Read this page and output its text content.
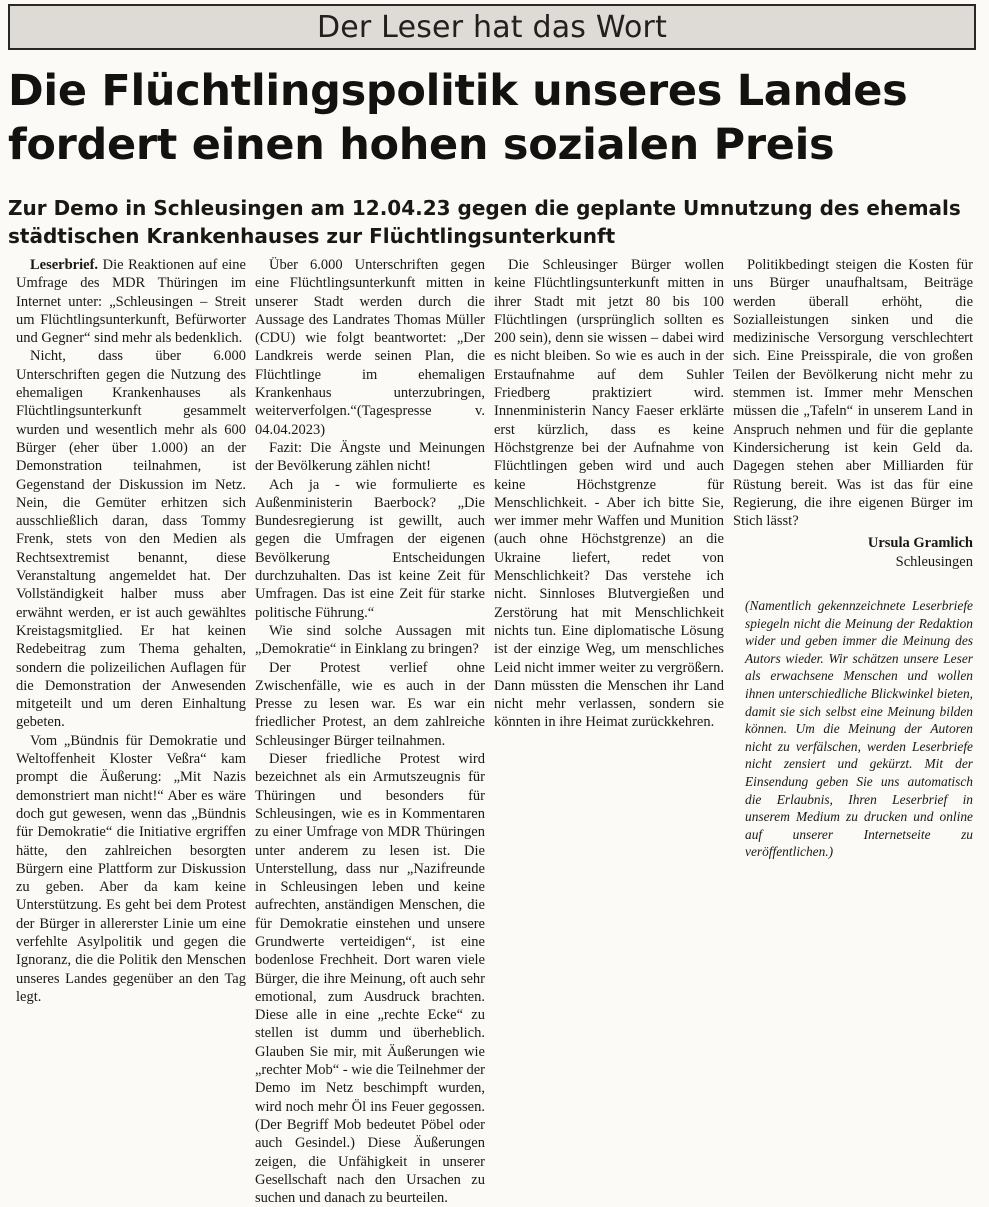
Der Leser hat das Wort
Die Flüchtlingspolitik unseres Landes fordert einen hohen sozialen Preis
Zur Demo in Schleusingen am 12.04.23 gegen die geplante Umnutzung des ehemals städtischen Krankenhauses zur Flüchtlingsunterkunft

Leserbrief. Die Reaktionen auf eine Umfrage des MDR Thüringen im Internet unter: „Schleusingen – Streit um Flüchtlingsunterkunft, Befürworter und Gegner“ sind mehr als bedenklich.

Nicht, dass über 6.000 Unterschriften gegen die Nutzung des ehemaligen Krankenhauses als Flüchtlingsunterkunft gesammelt wurden und wesentlich mehr als 600 Bürger (eher über 1.000) an der Demonstration teilnahmen, ist Gegenstand der Diskussion im Netz. Nein, die Gemüter erhitzen sich ausschließlich daran, dass Tommy Frenk, stets von den Medien als Rechtsextremist benannt, diese Veranstaltung angemeldet hat. Der Vollständigkeit halber muss aber erwähnt werden, er ist auch gewähltes Kreistagsmitglied. Er hat keinen Redebeitrag zum Thema gehalten, sondern die polizeilichen Auflagen für die Demonstration der Anwesenden mitgeteilt und um deren Einhaltung gebeten.

Vom „Bündnis für Demokratie und Weltoffenheit Kloster Veßra“ kam prompt die Äußerung: „Mit Nazis demonstriert man nicht!“ Aber es wäre doch gut gewesen, wenn das „Bündnis für Demokratie“ die Initiative ergriffen hätte, den zahlreichen besorgten Bürgern eine Plattform zur Diskussion zu geben. Aber da kam keine Unterstützung. Es geht bei dem Protest der Bürger in allererster Linie um eine verfehlte Asylpolitik und gegen die Ignoranz, die die Politik den Menschen unseres Landes gegenüber an den Tag legt.

Über 6.000 Unterschriften gegen eine Flüchtlingsunterkunft mitten in unserer Stadt werden durch die Aussage des Landrates Thomas Müller (CDU) wie folgt beantwortet: „Der Landkreis werde seinen Plan, die Flüchtlinge im ehemaligen Krankenhaus unterzubringen, weiterverfolgen.“(Tagespresse v. 04.04.2023)

Fazit: Die Ängste und Meinungen der Bevölkerung zählen nicht!

Ach ja - wie formulierte es Außenministerin Baerbock? „Die Bundesregierung ist gewillt, auch gegen die Umfragen der eigenen Bevölkerung Entscheidungen durchzuhalten. Das ist keine Zeit für Umfragen. Das ist eine Zeit für starke politische Führung.“

Wie sind solche Aussagen mit „Demokratie“ in Einklang zu bringen?

Der Protest verlief ohne Zwischenfälle, wie es auch in der Presse zu lesen war. Es war ein friedlicher Protest, an dem zahlreiche Schleusinger Bürger teilnahmen.

Dieser friedliche Protest wird bezeichnet als ein Armutszeugnis für Thüringen und besonders für Schleusingen, wie es in Kommentaren zu einer Umfrage von MDR Thüringen unter anderem zu lesen ist. Die Unterstellung, dass nur „Nazifreunde in Schleusingen leben und keine aufrechten, anständigen Menschen, die für Demokratie einstehen und unsere Grundwerte verteidigen“, ist eine bodenlose Frechheit. Dort waren viele Bürger, die ihre Meinung, oft auch sehr emotional, zum Ausdruck brachten. Diese alle in eine „rechte Ecke“ zu stellen ist dumm und überheblich. Glauben Sie mir, mit Äußerungen wie „rechter Mob“ - wie die Teilnehmer der Demo im Netz beschimpft wurden, wird noch mehr Öl ins Feuer gegossen. (Der Begriff Mob bedeutet Pöbel oder auch Gesindel.) Diese Äußerungen zeigen, die Unfähigkeit in unserer Gesellschaft nach den Ursachen zu suchen und danach zu beurteilen.

Die Schleusinger Bürger wollen keine Flüchtlingsunterkunft mitten in ihrer Stadt mit jetzt 80 bis 100 Flüchtlingen (ursprünglich sollten es 200 sein), denn sie wissen – dabei wird es nicht bleiben. So wie es auch in der Erstaufnahme auf dem Suhler Friedberg praktiziert wird. Innenministerin Nancy Faeser erklärte erst kürzlich, dass es keine Höchstgrenze bei der Aufnahme von Flüchtlingen geben wird und auch keine Höchstgrenze für Menschlichkeit. - Aber ich bitte Sie, wer immer mehr Waffen und Munition (auch ohne Höchstgrenze) an die Ukraine liefert, redet von Menschlichkeit? Das verstehe ich nicht. Sinnloses Blutvergießen und Zerstörung hat mit Menschlichkeit nichts tun. Eine diplomatische Lösung ist der einzige Weg, um menschliches Leid nicht immer weiter zu vergrößern. Dann müssten die Menschen ihr Land nicht mehr verlassen, sondern sie könnten in ihre Heimat zurückkehren.

Politikbedingt steigen die Kosten für uns Bürger unaufhaltsam, Beiträge werden überall erhöht, die Sozialleistungen sinken und die medizinische Versorgung verschlechtert sich. Eine Preisspirale, die von großen Teilen der Bevölkerung nicht mehr zu stemmen ist. Immer mehr Menschen müssen die „Tafeln“ in unserem Land in Anspruch nehmen und für die geplante Kindersicherung ist kein Geld da. Dagegen stehen aber Milliarden für Rüstung bereit. Was ist das für eine Regierung, die ihre eigenen Bürger im Stich lässt?

Ursula Gramlich
Schleusingen
(Namentlich gekennzeichnete Leserbriefe spiegeln nicht die Meinung der Redaktion wider und geben immer die Meinung des Autors wieder. Wir schätzen unsere Leser als erwachsene Menschen und wollen ihnen unterschiedliche Blickwinkel bieten, damit sie sich selbst eine Meinung bilden können. Um die Meinung der Autoren nicht zu verfälschen, werden Leserbriefe nicht zensiert und gekürzt. Mit der Einsendung geben Sie uns automatisch die Erlaubnis, Ihren Leserbrief in unserem Medium zu drucken und online auf unserer Internetseite zu veröffentlichen.)
